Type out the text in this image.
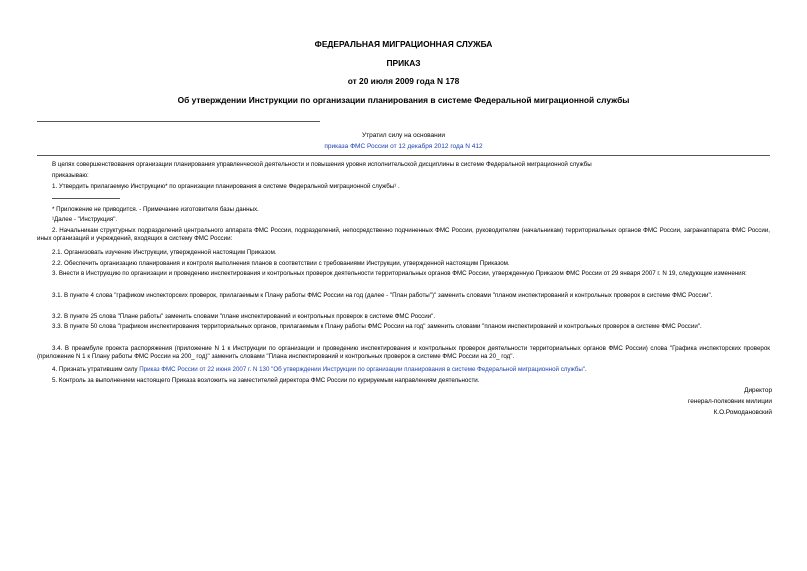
ФЕДЕРАЛЬНАЯ МИГРАЦИОННАЯ СЛУЖБА
ПРИКАЗ
от 20 июля 2009 года N 178
Об утверждении Инструкции по организации планирования в системе Федеральной миграционной службы
Утратил силу на основании
приказа ФМС России от 12 декабря 2012 года N 412
В целях совершенствования организации планирования управленческой деятельности и повышения уровня исполнительской дисциплины в системе Федеральной миграционной службы
приказываю:
1. Утвердить прилагаемую Инструкцию* по организации планирования в системе Федеральной миграционной службы¹ .
* Приложение не приводится. - Примечание изготовителя базы данных.
¹Далее - "Инструкция".
2. Начальникам структурных подразделений центрального аппарата ФМС России, подразделений, непосредственно подчиненных ФМС России, руководителям (начальникам) территориальных органов ФМС России, загранаппарата ФМС России, иных организаций и учреждений, входящих в систему ФМС России:
2.1. Организовать изучение Инструкции, утвержденной настоящим Приказом.
2.2. Обеспечить организацию планирования и контроля выполнения планов в соответствии с требованиями Инструкции, утвержденной настоящим Приказом.
3. Внести в Инструкцию по организации и проведению инспектирования и контрольных проверок деятельности территориальных органов ФМС России, утвержденную Приказом ФМС России от 29 января 2007 г. N 19, следующие изменения:
3.1. В пункте 4 слова "графиком инспекторских проверок, прилагаемым к Плану работы ФМС России на год (далее - "План работы")" заменить словами "планом инспектирований и контрольных проверок в системе ФМС России".
3.2. В пункте 25 слова "Плане работы" заменить словами "плане инспектирований и контрольных проверок в системе ФМС России".
3.3. В пункте 50 слова "графиком инспектирования территориальных органов, прилагаемым к Плану работы ФМС России на год" заменить словами "планом инспектирований и контрольных проверок в системе ФМС России".
3.4. В преамбуле проекта распоряжения (приложение N 1 к Инструкции по организации и проведению инспектирования и контрольных проверок деятельности территориальных органов ФМС России) слова "Графика инспекторских проверок (приложение N 1 к Плану работы ФМС России на 200_ год)" заменить словами "Плана инспектирований и контрольных проверок в системе ФМС России на 20_ год".
4. Признать утратившим силу Приказ ФМС России от 22 июня 2007 г. N 130 "Об утверждении Инструкции по организации планирования в системе Федеральной миграционной службы".
5. Контроль за выполнением настоящего Приказа возложить на заместителей директора ФМС России по курируемым направлениям деятельности.
Директор
генерал-полковник милиции
К.О.Ромодановский
